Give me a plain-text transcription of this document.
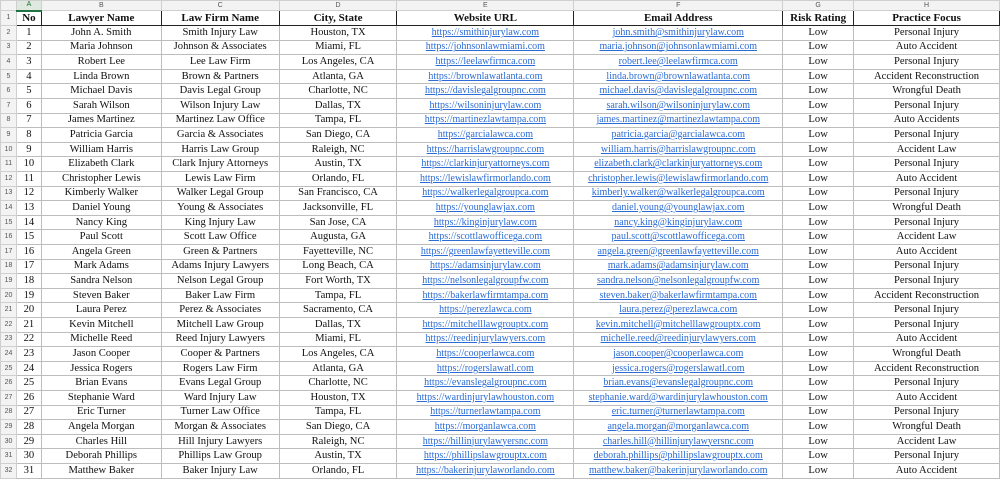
	A	B	C	D	E	F	G	H
1	No	Lawyer Name	Law Firm Name	City, State	Website URL	Email Address	Risk Rating	Practice Focus
2	1	John A. Smith	Smith Injury Law	Houston, TX	https://smithinjurylaw.com	john.smith@smithinjurylaw.com	Low	Personal Injury
3	2	Maria Johnson	Johnson & Associates	Miami, FL	https://johnsonlawmiami.com	maria.johnson@johnsonlawmiami.com	Low	Auto Accident
4	3	Robert Lee	Lee Law Firm	Los Angeles, CA	https://leelawfirmca.com	robert.lee@leelawfirmca.com	Low	Personal Injury
5	4	Linda Brown	Brown & Partners	Atlanta, GA	https://brownlawatlanta.com	linda.brown@brownlawatlanta.com	Low	Accident Reconstruction
6	5	Michael Davis	Davis Legal Group	Charlotte, NC	https://davislegalgroupnc.com	michael.davis@davislegalgroupnc.com	Low	Wrongful Death
7	6	Sarah Wilson	Wilson Injury Law	Dallas, TX	https://wilsoninjurylaw.com	sarah.wilson@wilsoninjurylaw.com	Low	Personal Injury
8	7	James Martinez	Martinez Law Office	Tampa, FL	https://martinezlawtampa.com	james.martinez@martinezlawtampa.com	Low	Auto Accidents
9	8	Patricia Garcia	Garcia & Associates	San Diego, CA	https://garcialawca.com	patricia.garcia@garcialawca.com	Low	Personal Injury
10	9	William Harris	Harris Law Group	Raleigh, NC	https://harrislawgroupnc.com	william.harris@harrislawgroupnc.com	Low	Accident Law
11	10	Elizabeth Clark	Clark Injury Attorneys	Austin, TX	https://clarkinjuryattorneys.com	elizabeth.clark@clarkinjuryattorneys.com	Low	Personal Injury
12	11	Christopher Lewis	Lewis Law Firm	Orlando, FL	https://lewislawfirmorlando.com	christopher.lewis@lewislawfirmorlando.com	Low	Auto Accident
13	12	Kimberly Walker	Walker Legal Group	San Francisco, CA	https://walkerlegalgroupca.com	kimberly.walker@walkerlegalgroupca.com	Low	Personal Injury
14	13	Daniel Young	Young & Associates	Jacksonville, FL	https://younglawjax.com	daniel.young@younglawjax.com	Low	Wrongful Death
15	14	Nancy King	King Injury Law	San Jose, CA	https://kinginjurylaw.com	nancy.king@kinginjurylaw.com	Low	Personal Injury
16	15	Paul Scott	Scott Law Office	Augusta, GA	https://scottlawofficega.com	paul.scott@scottlawofficega.com	Low	Accident Law
17	16	Angela Green	Green & Partners	Fayetteville, NC	https://greenlawfayetteville.com	angela.green@greenlawfayetteville.com	Low	Auto Accident
18	17	Mark Adams	Adams Injury Lawyers	Long Beach, CA	https://adamsinjurylaw.com	mark.adams@adamsinjurylaw.com	Low	Personal Injury
19	18	Sandra Nelson	Nelson Legal Group	Fort Worth, TX	https://nelsonlegalgroupfw.com	sandra.nelson@nelsonlegalgroupfw.com	Low	Personal Injury
20	19	Steven Baker	Baker Law Firm	Tampa, FL	https://bakerlawfirmtampa.com	steven.baker@bakerlawfirmtampa.com	Low	Accident Reconstruction
21	20	Laura Perez	Perez & Associates	Sacramento, CA	https://perezlawca.com	laura.perez@perezlawca.com	Low	Personal Injury
22	21	Kevin Mitchell	Mitchell Law Group	Dallas, TX	https://mitchelllawgrouptx.com	kevin.mitchell@mitchelllawgrouptx.com	Low	Personal Injury
23	22	Michelle Reed	Reed Injury Lawyers	Miami, FL	https://reedinjurylawyers.com	michelle.reed@reedinjurylawyers.com	Low	Auto Accident
24	23	Jason Cooper	Cooper & Partners	Los Angeles, CA	https://cooperlawca.com	jason.cooper@cooperlawca.com	Low	Wrongful Death
25	24	Jessica Rogers	Rogers Law Firm	Atlanta, GA	https://rogerslawatl.com	jessica.rogers@rogerslawatl.com	Low	Accident Reconstruction
26	25	Brian Evans	Evans Legal Group	Charlotte, NC	https://evanslegalgroupnc.com	brian.evans@evanslegalgroupnc.com	Low	Personal Injury
27	26	Stephanie Ward	Ward Injury Law	Houston, TX	https://wardinjurylawhouston.com	stephanie.ward@wardinjurylawhouston.com	Low	Auto Accident
28	27	Eric Turner	Turner Law Office	Tampa, FL	https://turnerlawtampa.com	eric.turner@turnerlawtampa.com	Low	Personal Injury
29	28	Angela Morgan	Morgan & Associates	San Diego, CA	https://morganlawca.com	angela.morgan@morganlawca.com	Low	Wrongful Death
30	29	Charles Hill	Hill Injury Lawyers	Raleigh, NC	https://hillinjurylawyersnc.com	charles.hill@hillinjurylawyersnc.com	Low	Accident Law
31	30	Deborah Phillips	Phillips Law Group	Austin, TX	https://phillipslawgrouptx.com	deborah.phillips@phillipslawgrouptx.com	Low	Personal Injury
32	31	Matthew Baker	Baker Injury Law	Orlando, FL	https://bakerinjurylaworlando.com	matthew.baker@bakerinjurylaworlando.com	Low	Auto Accident
